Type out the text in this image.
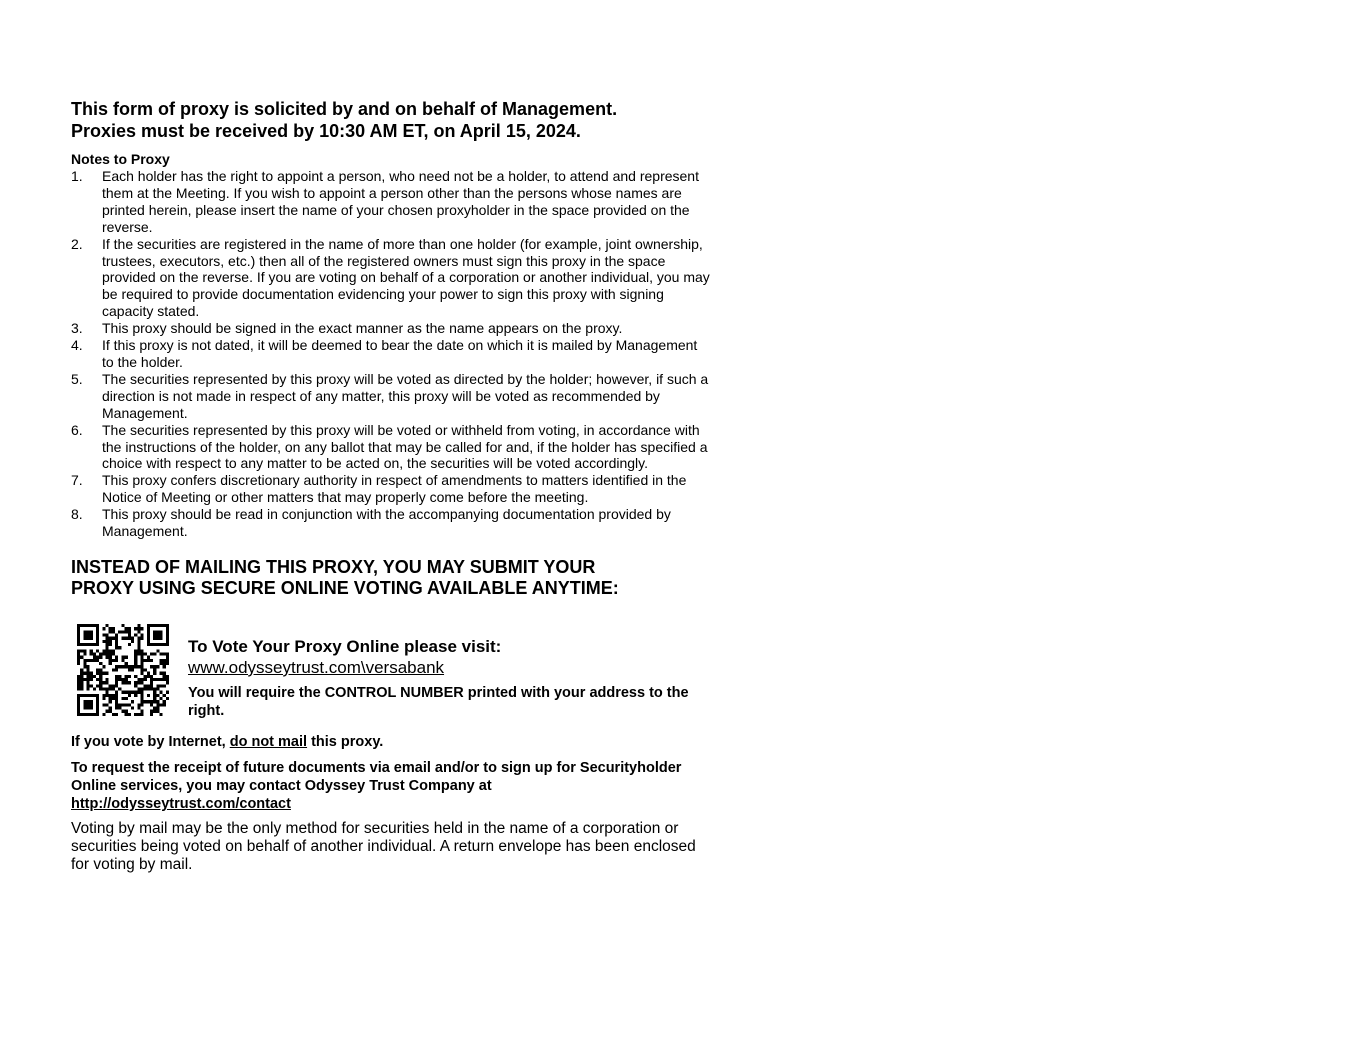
This form of proxy is solicited by and on behalf of Management.

Proxies must be received by 10:30 AM ET, on April 15, 2024.

Notes to Proxy
1. Each holder has the right to appoint a person, who need not be a holder, to attend and represent them at the Meeting. If you wish to appoint a person other than the persons whose names are printed herein, please insert the name of your chosen proxyholder in the space provided on the reverse.
2. If the securities are registered in the name of more than one holder (for example, joint ownership, trustees, executors, etc.) then all of the registered owners must sign this proxy in the space provided on the reverse. If you are voting on behalf of a corporation or another individual, you may be required to provide documentation evidencing your power to sign this proxy with signing capacity stated.
3. This proxy should be signed in the exact manner as the name appears on the proxy.
4. If this proxy is not dated, it will be deemed to bear the date on which it is mailed by Management to the holder.
5. The securities represented by this proxy will be voted as directed by the holder; however, if such a direction is not made in respect of any matter, this proxy will be voted as recommended by Management.
6. The securities represented by this proxy will be voted or withheld from voting, in accordance with the instructions of the holder, on any ballot that may be called for and, if the holder has specified a choice with respect to any matter to be acted on, the securities will be voted accordingly.
7. This proxy confers discretionary authority in respect of amendments to matters identified in the Notice of Meeting or other matters that may properly come before the meeting.
8. This proxy should be read in conjunction with the accompanying documentation provided by Management.

INSTEAD OF MAILING THIS PROXY, YOU MAY SUBMIT YOUR
PROXY USING SECURE ONLINE VOTING AVAILABLE ANYTIME:

To Vote Your Proxy Online please visit:
www.odysseytrust.com\versabank
You will require the CONTROL NUMBER printed with your address to the right.
If you vote by Internet, do not mail this proxy.
To request the receipt of future documents via email and/or to sign up for Securityholder Online services, you may contact Odyssey Trust Company at
http://odysseytrust.com/contact
Voting by mail may be the only method for securities held in the name of a corporation or securities being voted on behalf of another individual. A return envelope has been enclosed for voting by mail.
